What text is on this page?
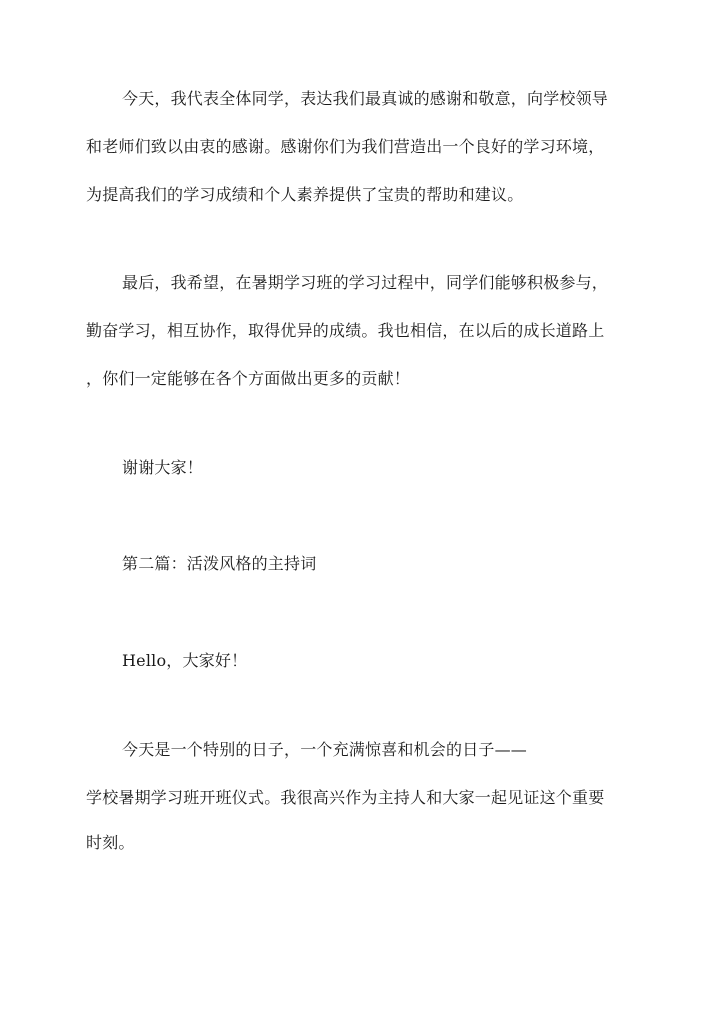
今天，我代表全体同学，表达我们最真诚的感谢和敬意，向学校领导

和老师们致以由衷的感谢。感谢你们为我们营造出一个良好的学习环境，

为提高我们的学习成绩和个人素养提供了宝贵的帮助和建议。

最后，我希望，在暑期学习班的学习过程中，同学们能够积极参与，

勤奋学习，相互协作，取得优异的成绩。我也相信，在以后的成长道路上

，你们一定能够在各个方面做出更多的贡献！

谢谢大家！

第二篇：活泼风格的主持词

Hello，大家好！

今天是一个特别的日子，一个充满惊喜和机会的日子——

学校暑期学习班开班仪式。我很高兴作为主持人和大家一起见证这个重要

时刻。
